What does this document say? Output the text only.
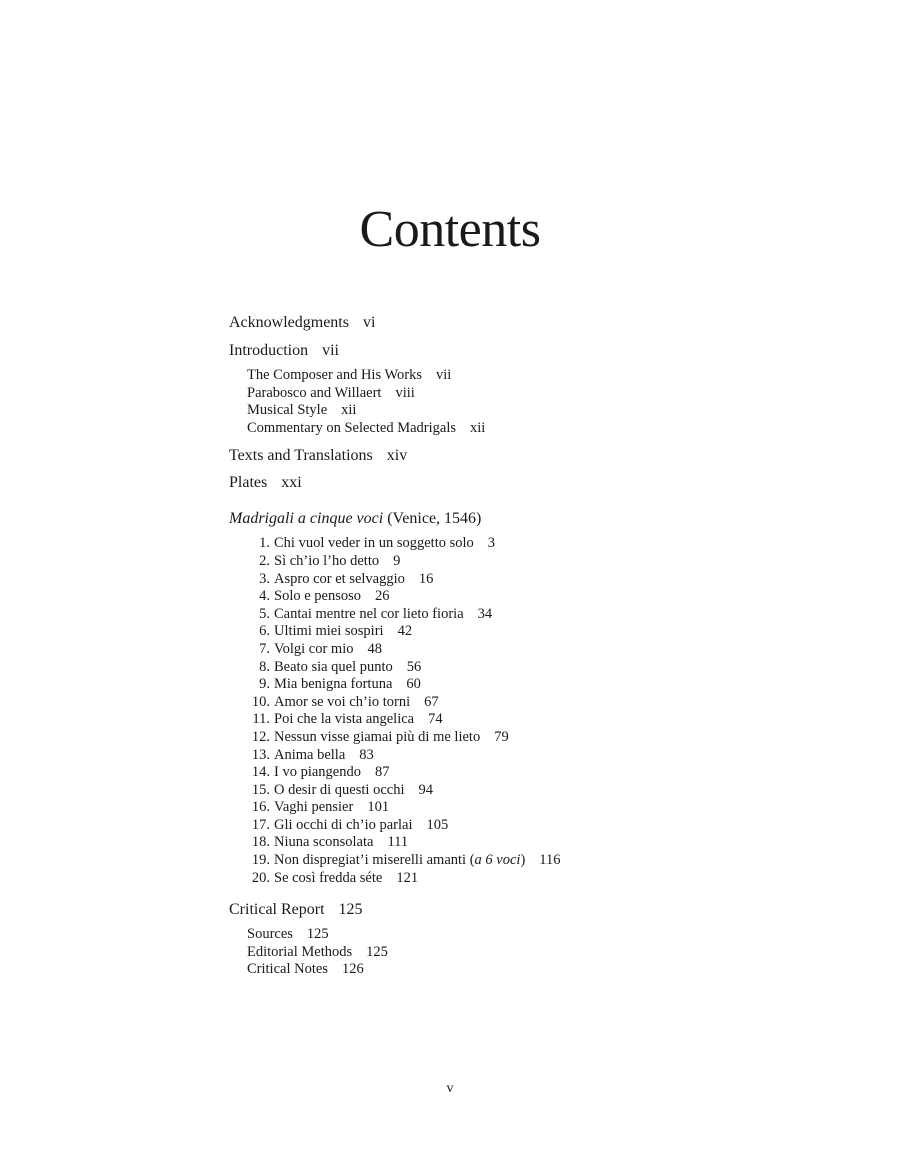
Contents
Acknowledgments vi
Introduction vii
The Composer and His Works vii
Parabosco and Willaert viii
Musical Style xii
Commentary on Selected Madrigals xii
Texts and Translations xiv
Plates xxi
Madrigali a cinque voci (Venice, 1546)
1. Chi vuol veder in un soggetto solo 3
2. Sì ch’io l’ho detto 9
3. Aspro cor et selvaggio 16
4. Solo e pensoso 26
5. Cantai mentre nel cor lieto fioria 34
6. Ultimi miei sospiri 42
7. Volgi cor mio 48
8. Beato sia quel punto 56
9. Mia benigna fortuna 60
10. Amor se voi ch’io torni 67
11. Poi che la vista angelica 74
12. Nessun visse giamai più di me lieto 79
13. Anima bella 83
14. I vo piangendo 87
15. O desir di questi occhi 94
16. Vaghi pensier 101
17. Gli occhi di ch’io parlai 105
18. Niuna sconsolata 111
19. Non dispregiat’i miserelli amanti (a 6 voci) 116
20. Se così fredda séte 121
Critical Report 125
Sources 125
Editorial Methods 125
Critical Notes 126
v
